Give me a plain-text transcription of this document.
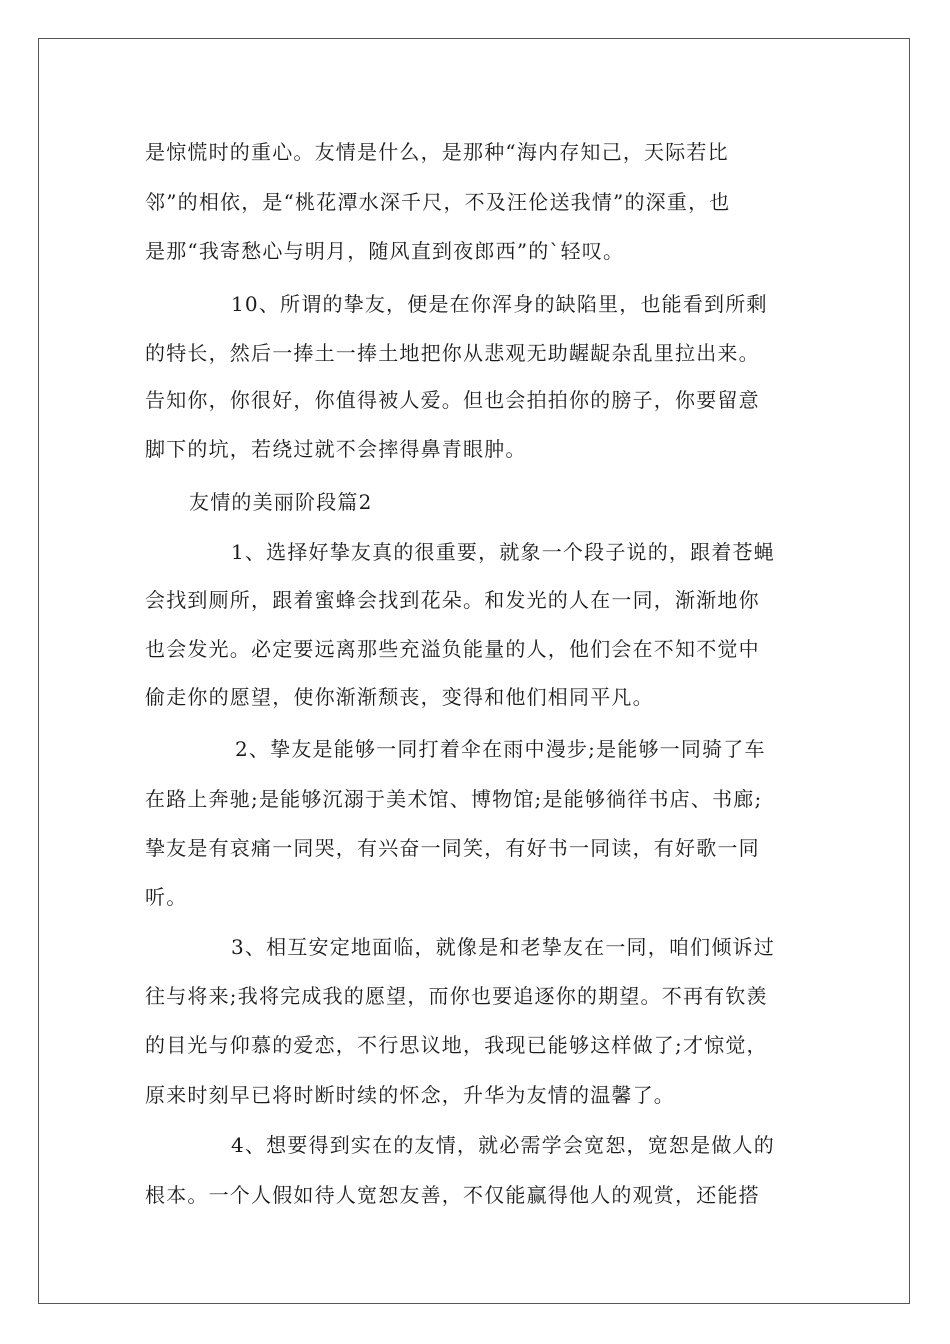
是惊慌时的重心。友情是什么，是那种“海内存知己，天际若比
邻”的相依，是“桃花潭水深千尺，不及汪伦送我情”的深重，也
是那“我寄愁心与明月，随风直到夜郎西”的`轻叹。
10、所谓的挚友，便是在你浑身的缺陷里，也能看到所剩
的特长，然后一捧土一捧土地把你从悲观无助龌龊杂乱里拉出来。
告知你，你很好，你值得被人爱。但也会拍拍你的膀子，你要留意
脚下的坑，若绕过就不会摔得鼻青眼肿。
友情的美丽阶段篇2
1、选择好挚友真的很重要，就象一个段子说的，跟着苍蝇
会找到厕所，跟着蜜蜂会找到花朵。和发光的人在一同，渐渐地你
也会发光。必定要远离那些充溢负能量的人，他们会在不知不觉中
偷走你的愿望，使你渐渐颓丧，变得和他们相同平凡。
2、挚友是能够一同打着伞在雨中漫步;是能够一同骑了车
在路上奔驰;是能够沉溺于美术馆、博物馆;是能够徜徉书店、书廊;
挚友是有哀痛一同哭，有兴奋一同笑，有好书一同读，有好歌一同
听。
3、相互安定地面临，就像是和老挚友在一同，咱们倾诉过
往与将来;我将完成我的愿望，而你也要追逐你的期望。不再有钦羡
的目光与仰慕的爱恋，不行思议地，我现已能够这样做了;才惊觉，
原来时刻早已将时断时续的怀念，升华为友情的温馨了。
4、想要得到实在的友情，就必需学会宽恕，宽恕是做人的
根本。一个人假如待人宽恕友善，不仅能赢得他人的观赏，还能搭
